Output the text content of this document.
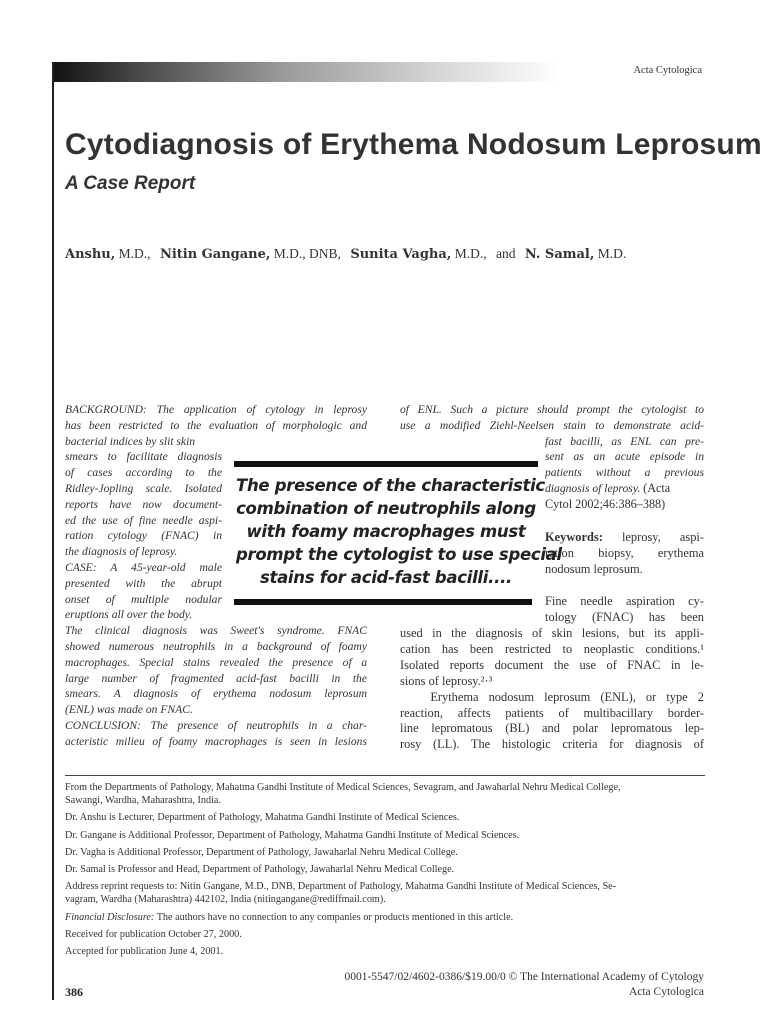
Acta Cytologica
Cytodiagnosis of Erythema Nodosum Leprosum
A Case Report
Anshu, M.D., Nitin Gangane, M.D., DNB, Sunita Vagha, M.D., and N. Samal, M.D.
BACKGROUND: The application of cytology in leprosy
has been restricted to the evaluation of morphologic and
bacterial indices by slit skin
smears to facilitate diagnosis
of cases according to the
Ridley-Jopling scale. Isolated
reports have now document-
ed the use of fine needle aspi-
ration cytology (FNAC) in
the diagnosis of leprosy.
CASE: A 45-year-old male
presented with the abrupt
onset of multiple nodular
eruptions all over the body.
The clinical diagnosis was Sweet's syndrome. FNAC
showed numerous neutrophils in a background of foamy
macrophages. Special stains revealed the presence of a
large number of fragmented acid-fast bacilli in the
smears. A diagnosis of erythema nodosum leprosum
(ENL) was made on FNAC.
CONCLUSION: The presence of neutrophils in a char-
acteristic milieu of foamy macrophages is seen in lesions
of ENL. Such a picture should prompt the cytologist to
use a modified Ziehl-Neelsen stain to demonstrate acid-
fast bacilli, as ENL can pre-
sent as an acute episode in
patients without a previous
diagnosis of leprosy. (Acta
Cytol 2002;46:386–388)
Keywords: leprosy, aspi-
ration biopsy, erythema
nodosum leprosum.
The presence of the characteristic
combination of neutrophils along
with foamy macrophages must
prompt the cytologist to use special
stains for acid-fast bacilli....
Fine needle aspiration cy-
tology (FNAC) has been
used in the diagnosis of skin lesions, but its appli-
cation has been restricted to neoplastic conditions.¹
Isolated reports document the use of FNAC in le-
sions of leprosy.²·³
Erythema nodosum leprosum (ENL), or type 2
reaction, affects patients of multibacillary border-
line lepromatous (BL) and polar lepromatous lep-
rosy (LL). The histologic criteria for diagnosis of

From the Departments of Pathology, Mahatma Gandhi Institute of Medical Sciences, Sevagram, and Jawaharlal Nehru Medical College,
Sawangi, Wardha, Maharashtra, India.

Dr. Anshu is Lecturer, Department of Pathology, Mahatma Gandhi Institute of Medical Sciences.

Dr. Gangane is Additional Professor, Department of Pathology, Mahatma Gandhi Institute of Medical Sciences.

Dr. Vagha is Additional Professor, Department of Pathology, Jawaharlal Nehru Medical College.

Dr. Samal is Professor and Head, Department of Pathology, Jawaharlal Nehru Medical College.

Address reprint requests to: Nitin Gangane, M.D., DNB, Department of Pathology, Mahatma Gandhi Institute of Medical Sciences, Se-
vagram, Wardha (Maharashtra) 442102, India (nitingangane@rediffmail.com).

Financial Disclosure: The authors have no connection to any companies or products mentioned in this article.

Received for publication October 27, 2000.

Accepted for publication June 4, 2001.

0001-5547/02/4602-0386/$19.00/0 © The International Academy of Cytology
Acta Cytologica
386
